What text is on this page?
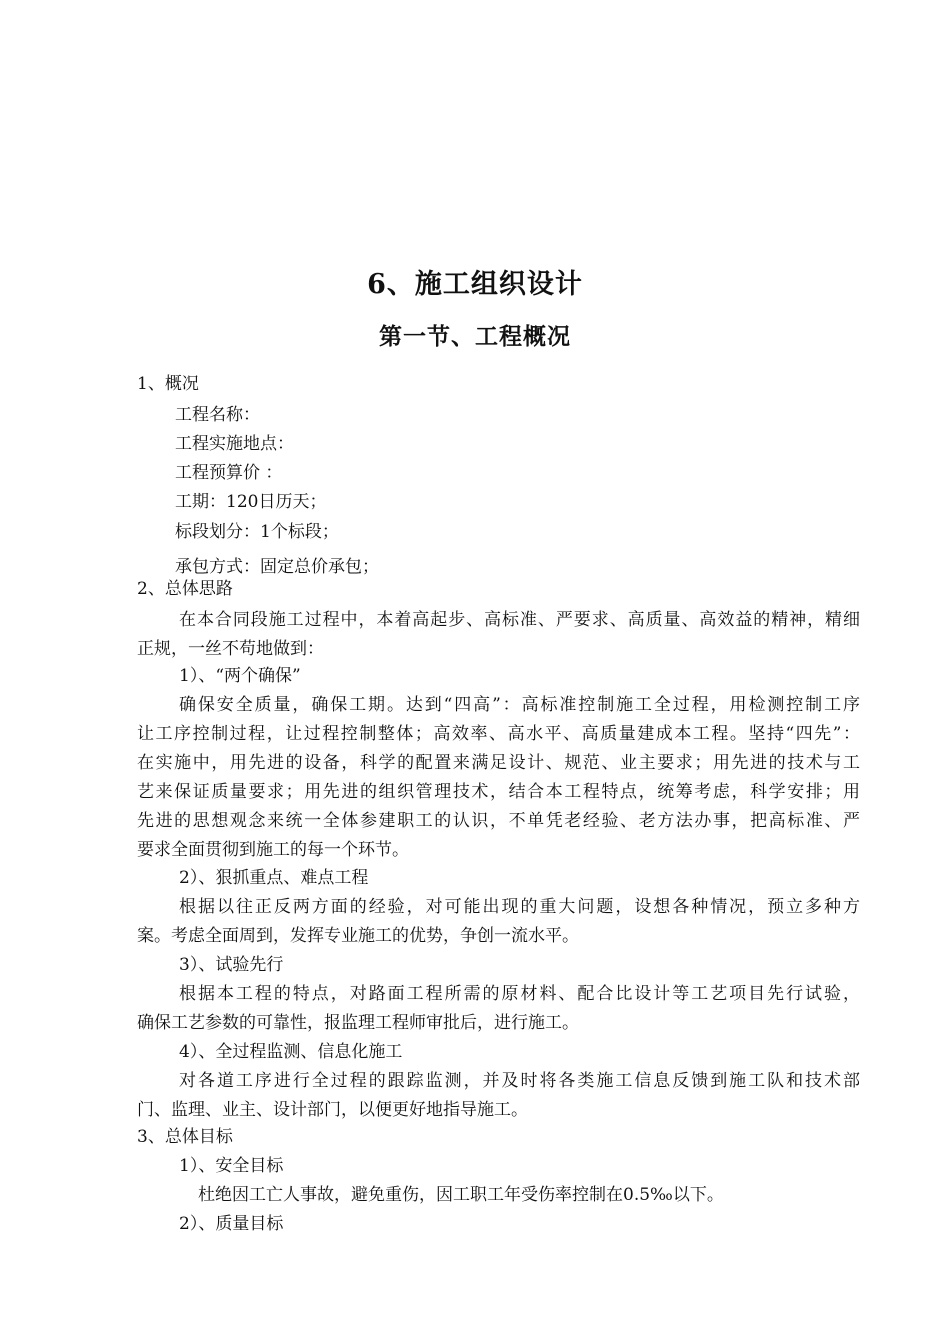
6、施工组织设计
第一节、工程概况
1、概况
工程名称：
工程实施地点：
工程预算价 ：
工期：120日历天；
标段划分：1个标段；
承包方式：固定总价承包；
2、总体思路
在本合同段施工过程中，本着高起步、高标准、严要求、高质量、高效益的精神，精细
正规，一丝不苟地做到：
1）、“两个确保”
确保安全质量，确保工期。达到“四高”：高标准控制施工全过程，用检测控制工序
让工序控制过程，让过程控制整体；高效率、高水平、高质量建成本工程。坚持“四先”：
在实施中，用先进的设备，科学的配置来满足设计、规范、业主要求；用先进的技术与工
艺来保证质量要求；用先进的组织管理技术，结合本工程特点，统筹考虑，科学安排；用
先进的思想观念来统一全体参建职工的认识，不单凭老经验、老方法办事，把高标准、严
要求全面贯彻到施工的每一个环节。
2）、狠抓重点、难点工程
根据以往正反两方面的经验，对可能出现的重大问题，设想各种情况，预立多种方
案。考虑全面周到，发挥专业施工的优势，争创一流水平。
3）、试验先行
根据本工程的特点，对路面工程所需的原材料、配合比设计等工艺项目先行试验，
确保工艺参数的可靠性，报监理工程师审批后，进行施工。
4）、全过程监测、信息化施工
对各道工序进行全过程的跟踪监测，并及时将各类施工信息反馈到施工队和技术部
门、监理、业主、设计部门，以便更好地指导施工。
3、总体目标
1）、安全目标
杜绝因工亡人事故，避免重伤，因工职工年受伤率控制在0.5‰以下。
2）、质量目标
